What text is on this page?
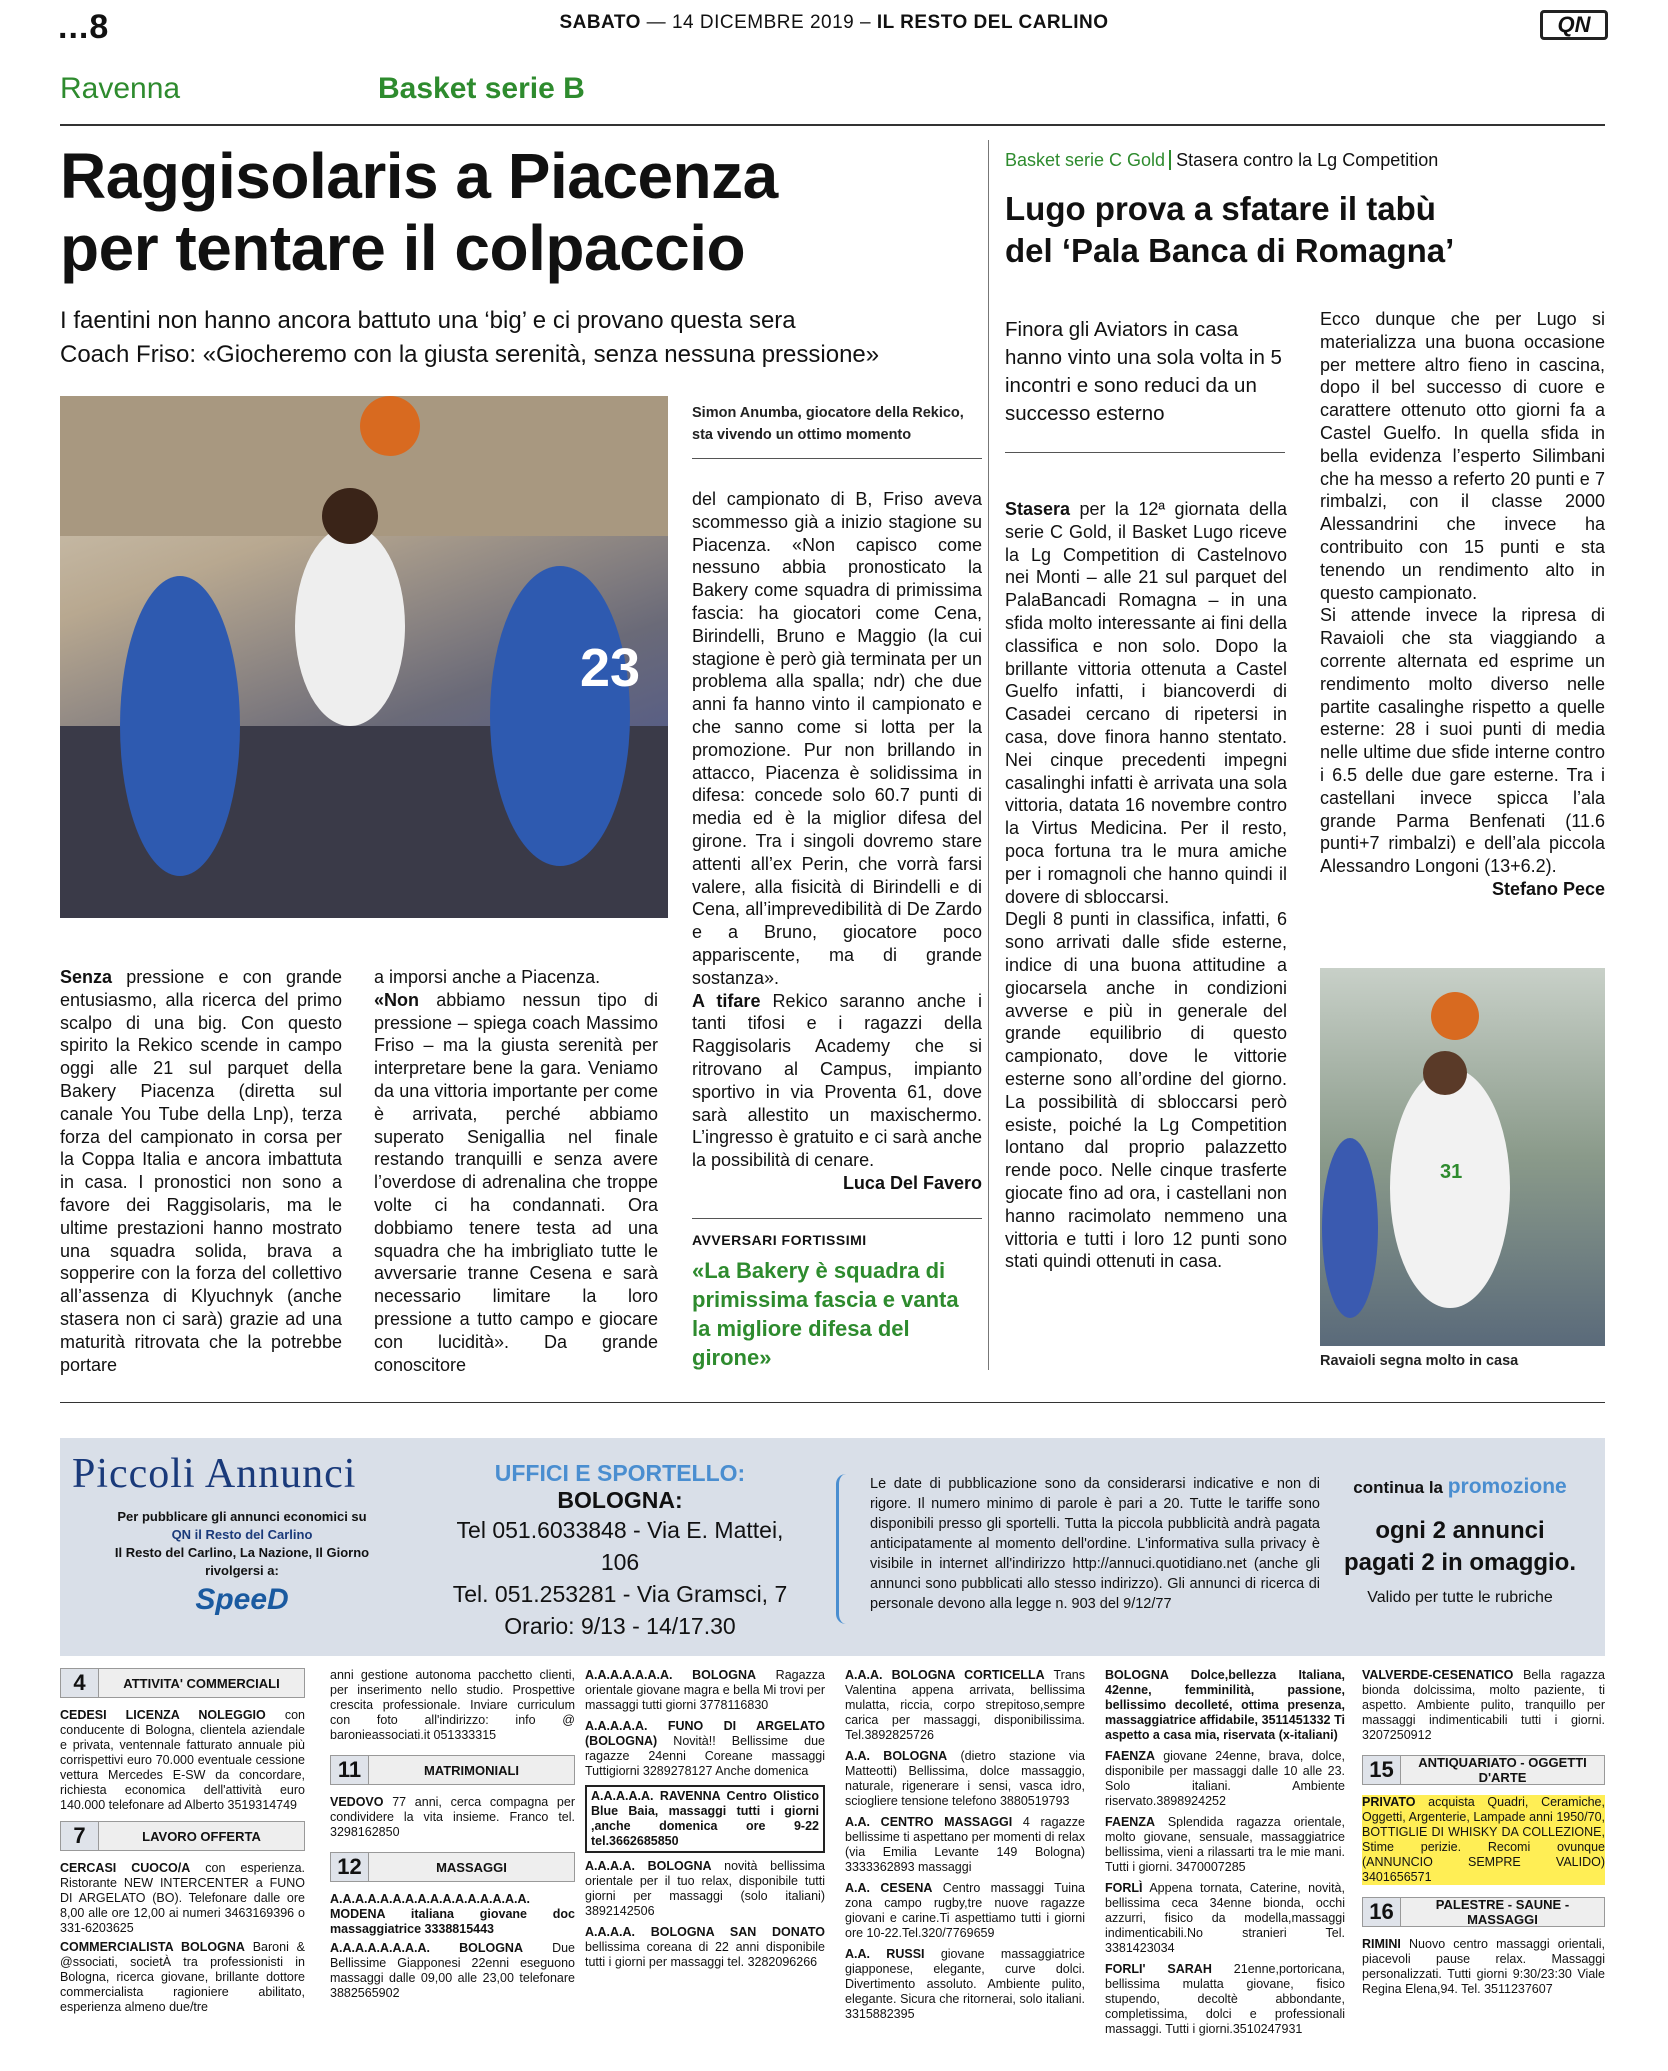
...8	SABATO — 14 DICEMBRE 2019 – IL RESTO DEL CARLINO	QN
Ravenna	Basket serie B
Raggisolaris a Piacenza
per tentare il colpaccio
I faentini non hanno ancora battuto una ‘big’ e ci provano questa sera
Coach Friso: «Giocheremo con la giusta serenità, senza nessuna pressione»
23
Simon Anumba, giocatore della Rekico, sta vivendo un ottimo momento
Senza pressione e con grande entusiasmo, alla ricerca del primo scalpo di una big. Con questo spirito la Rekico scende in campo oggi alle 21 sul parquet della Bakery Piacenza (diretta sul canale You Tube della Lnp), terza forza del campionato in corsa per la Coppa Italia e ancora imbattuta in casa. I pronostici non sono a favore dei Raggisolaris, ma le ultime prestazioni hanno mostrato una squadra solida, brava a sopperire con la forza del collettivo all’assenza di Klyuchnyk (anche stasera non ci sarà) grazie ad una maturità ritrovata che la potrebbe portare
a imporsi anche a Piacenza.
«Non abbiamo nessun tipo di pressione – spiega coach Massimo Friso – ma la giusta serenità per interpretare bene la gara. Veniamo da una vittoria importante per come è arrivata, perché abbiamo superato Senigallia nel finale restando tranquilli e senza avere l’overdose di adrenalina che troppe volte ci ha condannati. Ora dobbiamo tenere testa ad una squadra che ha imbrigliato tutte le avversarie tranne Cesena e sarà necessario limitare la loro pressione a tutto campo e giocare con lucidità». Da grande conoscitore
del campionato di B, Friso aveva scommesso già a inizio stagione su Piacenza. «Non capisco come nessuno abbia pronosticato la Bakery come squadra di primissima fascia: ha giocatori come Cena, Birindelli, Bruno e Maggio (la cui stagione è però già terminata per un problema alla spalla; ndr) che due anni fa hanno vinto il campionato e che sanno come si lotta per la promozione. Pur non brillando in attacco, Piacenza è solidissima in difesa: concede solo 60.7 punti di media ed è la miglior difesa del girone. Tra i singoli dovremo stare attenti all’ex Perin, che vorrà farsi valere, alla fisicità di Birindelli e di Cena, all’imprevedibilità di De Zardo e a Bruno, giocatore poco appariscente, ma di grande sostanza».
A tifare Rekico saranno anche i tanti tifosi e i ragazzi della Raggisolaris Academy che si ritrovano al Campus, impianto sportivo in via Proventa 61, dove sarà allestito un maxischermo. L’ingresso è gratuito e ci sarà anche la possibilità di cenare.
Luca Del Favero
AVVERSARI FORTISSIMI
«La Bakery è squadra di primissima fascia e vanta la migliore difesa del girone»
Basket serie C Gold Stasera contro la Lg Competition
Lugo prova a sfatare il tabù
del ‘Pala Banca di Romagna’
Finora gli Aviators in casa hanno vinto una sola volta in 5 incontri e sono reduci da un successo esterno
Stasera per la 12ª giornata della serie C Gold, il Basket Lugo riceve la Lg Competition di Castelnovo nei Monti – alle 21 sul parquet del PalaBancadi Romagna – in una sfida molto interessante ai fini della classifica e non solo. Dopo la brillante vittoria ottenuta a Castel Guelfo infatti, i biancoverdi di Casadei cercano di ripetersi in casa, dove finora hanno stentato. Nei cinque precedenti impegni casalinghi infatti è arrivata una sola vittoria, datata 16 novembre contro la Virtus Medicina. Per il resto, poca fortuna tra le mura amiche per i romagnoli che hanno quindi il dovere di sbloccarsi.
Degli 8 punti in classifica, infatti, 6 sono arrivati dalle sfide esterne, indice di una buona attitudine a giocarsela anche in condizioni avverse e più in generale del grande equilibrio di questo campionato, dove le vittorie esterne sono all’ordine del giorno. La possibilità di sbloccarsi però esiste, poiché la Lg Competition lontano dal proprio palazzetto rende poco. Nelle cinque trasferte giocate fino ad ora, i castellani non hanno racimolato nemmeno una vittoria e tutti i loro 12 punti sono stati quindi ottenuti in casa.
Ecco dunque che per Lugo si materializza una buona occasione per mettere altro fieno in cascina, dopo il bel successo di cuore e carattere ottenuto otto giorni fa a Castel Guelfo. In quella sfida in bella evidenza l’esperto Silimbani che ha messo a referto 20 punti e 7 rimbalzi, con il classe 2000 Alessandrini che invece ha contribuito con 15 punti e sta tenendo un rendimento alto in questo campionato.
Si attende invece la ripresa di Ravaioli che sta viaggiando a corrente alternata ed esprime un rendimento molto diverso nelle partite casalinghe rispetto a quelle esterne: 28 i suoi punti di media nelle ultime due sfide interne contro i 6.5 delle due gare esterne. Tra i castellani invece spicca l’ala grande Parma Benfenati (11.6 punti+7 rimbalzi) e dell’ala piccola Alessandro Longoni (13+6.2).
Stefano Pece
31
Ravaioli segna molto in casa
Piccoli Annunci
Per pubblicare gli annunci economici su
QN il Resto del Carlino
Il Resto del Carlino, La Nazione, Il Giorno
rivolgersi a:
SpeeD
UFFICI E SPORTELLO:
BOLOGNA:
Tel 051.6033848 - Via E. Mattei, 106
Tel. 051.253281 - Via Gramsci, 7
Orario: 9/13 - 14/17.30
Le date di pubblicazione sono da considerarsi indicative e non di rigore. Il numero minimo di parole è pari a 20. Tutte le tariffe sono disponibili presso gli sportelli. Tutta la piccola pubblicità andrà pagata anticipatamente al momento dell'ordine. L'informativa sulla privacy è visibile in internet all'indirizzo http://annuci.quotidiano.net (anche gli annunci sono pubblicati allo stesso indirizzo). Gli annunci di ricerca di personale devono alla legge n. 903 del 9/12/77
continua la promozione
ogni 2 annunci
pagati 2 in omaggio.
Valido per tutte le rubriche
4	ATTIVITA' COMMERCIALI
CEDESI LICENZA NOLEGGIO con conducente di Bologna, clientela aziendale e privata, ventennale fatturato annuale più corrispettivi euro 70.000 eventuale cessione vettura Mercedes E-SW da concordare, richiesta economica dell'attività euro 140.000 telefonare ad Alberto 3519314749
7	LAVORO OFFERTA
CERCASI CUOCO/A con esperienza. Ristorante NEW INTERCENTER a FUNO DI ARGELATO (BO). Telefonare dalle ore 8,00 alle ore 12,00 ai numeri 3463169396 o 331-6203625
COMMERCIALISTA BOLOGNA Baroni & @ssociati, societÀ tra professionisti in Bologna, ricerca giovane, brillante dottore commercialista ragioniere abilitato, esperienza almeno due/tre
anni gestione autonoma pacchetto clienti, per inserimento nello studio. Prospettive crescita professionale. Inviare curriculum con foto all'indirizzo: info @ baronieassociati.it 051333315
11	MATRIMONIALI
VEDOVO 77 anni, cerca compagna per condividere la vita insieme. Franco tel. 3298162850
12	MASSAGGI
A.A.A.A.A.A.A.A.A.A.A.A.A.A.A.A. MODENA italiana giovane doc massaggiatrice 3338815443
A.A.A.A.A.A.A.A. BOLOGNA Due Bellissime Giapponesi 22enni eseguono massaggi dalle 09,00 alle 23,00 telefonare 3882565902
A.A.A.A.A.A.A. BOLOGNA Ragazza orientale giovane magra e bella Mi trovi per massaggi tutti giorni 3778116830
A.A.A.A.A. FUNO DI ARGELATO (BOLOGNA) Novità!! Bellissime due ragazze 24enni Coreane massaggi Tuttigiorni 3289278127 Anche domenica
A.A.A.A.A. RAVENNA Centro Olistico Blue Baia, massaggi tutti i giorni ,anche domenica ore 9-22 tel.3662685850
A.A.A.A. BOLOGNA novità bellissima orientale per il tuo relax, disponibile tutti giorni per massaggi (solo italiani) 3892142506
A.A.A.A. BOLOGNA SAN DONATO bellissima coreana di 22 anni disponibile tutti i giorni per massaggi tel. 3282096266
A.A.A. BOLOGNA CORTICELLA Trans Valentina appena arrivata, bellissima mulatta, riccia, corpo strepitoso,sempre carica per massaggi, disponibilissima. Tel.3892825726
A.A. BOLOGNA (dietro stazione via Matteotti) Bellissima, dolce massaggio, naturale, rigenerare i sensi, vasca idro, sciogliere tensione telefono 3880519793
A.A. CENTRO MASSAGGI 4 ragazze bellissime ti aspettano per momenti di relax (via Emilia Levante 149 Bologna) 3333362893 massaggi
A.A. CESENA Centro massaggi Tuina zona campo rugby,tre nuove ragazze giovani e carine.Ti aspettiamo tutti i giorni ore 10-22.Tel.320/7769659
A.A. RUSSI giovane massaggiatrice giapponese, elegante, curve dolci. Divertimento assoluto. Ambiente pulito, elegante. Sicura che ritornerai, solo italiani. 3315882395
BOLOGNA Dolce,bellezza Italiana, 42enne, femminilità, passione, bellissimo decolleté, ottima presenza, massaggiatrice affidabile, 3511451332 Ti aspetto a casa mia, riservata (x-italiani)
FAENZA giovane 24enne, brava, dolce, disponibile per massaggi dalle 10 alle 23. Solo italiani. Ambiente riservato.3898924252
FAENZA Splendida ragazza orientale, molto giovane, sensuale, massaggiatrice bellissima, vieni a rilassarti tra le mie mani. Tutti i giorni. 3470007285
FORLÌ Appena tornata, Caterine, novità, bellissima ceca 34enne bionda, occhi azzurri, fisico da modella,massaggi indimenticabili.No stranieri Tel. 3381423034
FORLI' SARAH 21enne,portoricana, bellissima mulatta giovane, fisico stupendo, decoltè abbondante, completissima, dolci e professionali massaggi. Tutti i giorni.3510247931
VALVERDE-CESENATICO Bella ragazza bionda dolcissima, molto paziente, ti aspetto. Ambiente pulito, tranquillo per massaggi indimenticabili tutti i giorni. 3207250912
15	ANTIQUARIATO - OGGETTI D'ARTE
PRIVATO acquista Quadri, Ceramiche, Oggetti, Argenterie, Lampade anni 1950/70, BOTTIGLIE DI WHISKY DA COLLEZIONE, Stime perizie. Recomi ovunque (ANNUNCIO SEMPRE VALIDO) 3401656571
16	PALESTRE - SAUNE - MASSAGGI
RIMINI Nuovo centro massaggi orientali, piacevoli pause relax. Massaggi personalizzati. Tutti giorni 9:30/23:30 Viale Regina Elena,94. Tel. 3511237607
